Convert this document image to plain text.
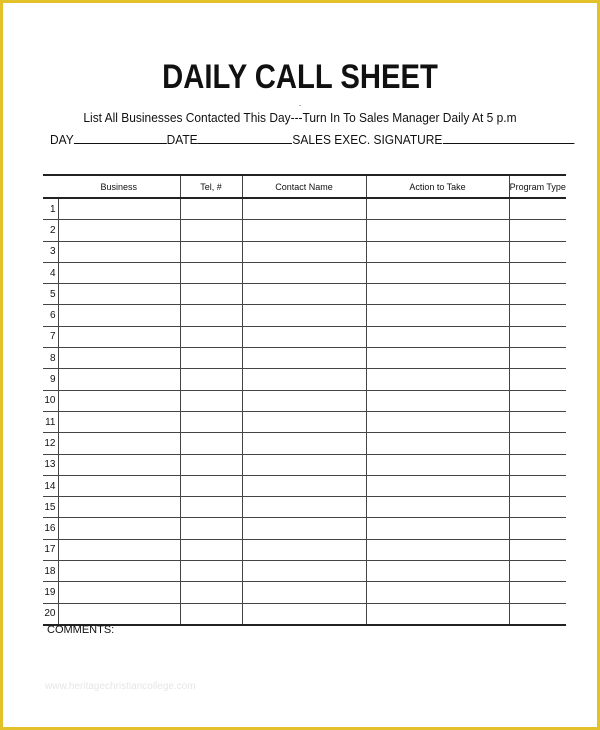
DAILY CALL SHEET
.
List All Businesses Contacted This Day---Turn In To Sales Manager Daily At 5 p.m
DAY	DATE	SALES EXEC. SIGNATURE
	Business	Tel, #	Contact Name	Action to Take	Program Type
1					
2					
3					
4					
5					
6					
7					
8					
9					
10					
11					
12					
13					
14					
15					
16					
17					
18					
19					
20					
COMMENTS:
www.heritagechristiancollege.com
